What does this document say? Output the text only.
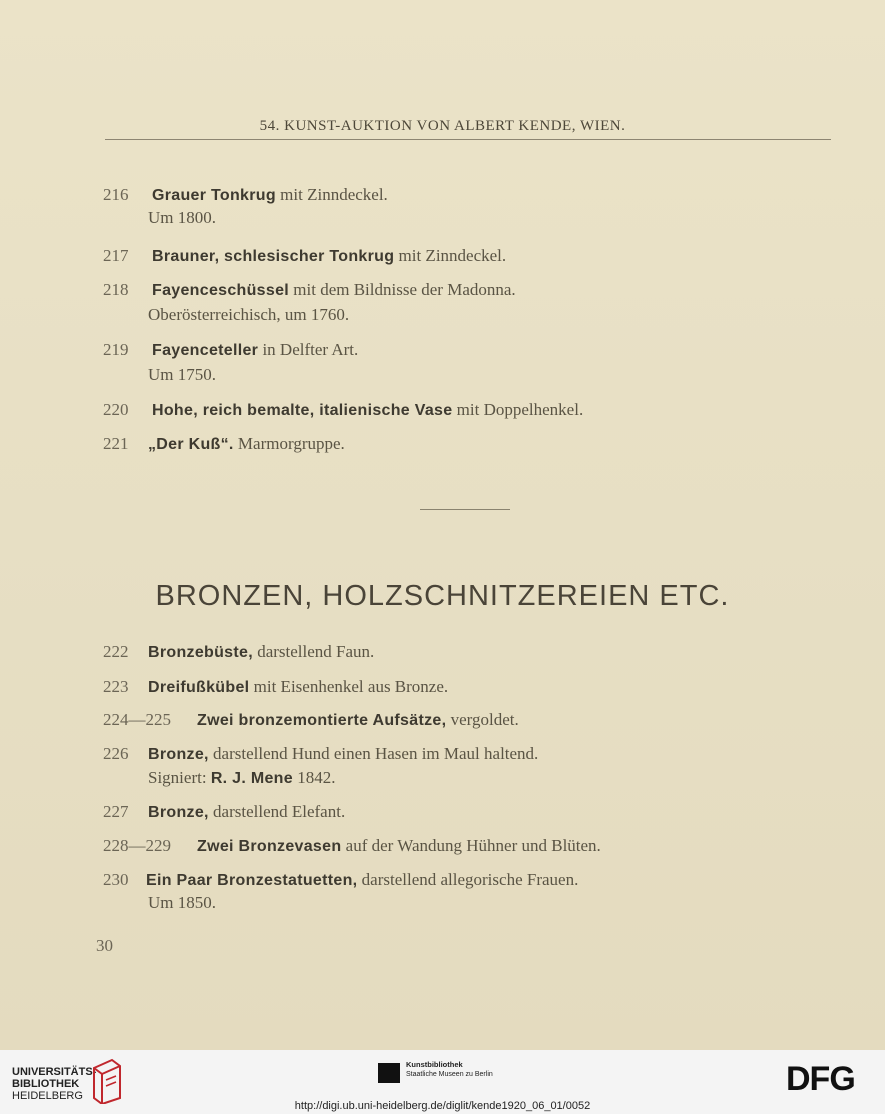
54. KUNST-AUKTION VON ALBERT KENDE, WIEN.
216 Grauer Tonkrug mit Zinndeckel.
Um 1800.
217 Brauner, schlesischer Tonkrug mit Zinndeckel.
218 Fayenceschüssel mit dem Bildnisse der Madonna.
Oberösterreichisch, um 1760.
219 Fayenceteller in Delfter Art.
Um 1750.
220 Hohe, reich bemalte, italienische Vase mit Doppelhenkel.
221 „Der Kuß“. Marmorgruppe.
BRONZEN, HOLZSCHNITZEREIEN ETC.
222 Bronzebüste, darstellend Faun.
223 Dreifußkübel mit Eisenhenkel aus Bronze.
224—225 Zwei bronzemontierte Aufsätze, vergoldet.
226 Bronze, darstellend Hund einen Hasen im Maul haltend.
Signiert: R. J. Mene 1842.
227 Bronze, darstellend Elefant.
228—229 Zwei Bronzevasen auf der Wandung Hühner und Blüten.
230 Ein Paar Bronzestatuetten, darstellend allegorische Frauen.
Um 1850.
30
UNIVERSITÄTS-
BIBLIOTHEK
HEIDELBERG
Kunstbibliothek
Staatliche Museen zu Berlin	DFG
http://digi.ub.uni-heidelberg.de/diglit/kende1920_06_01/0052
